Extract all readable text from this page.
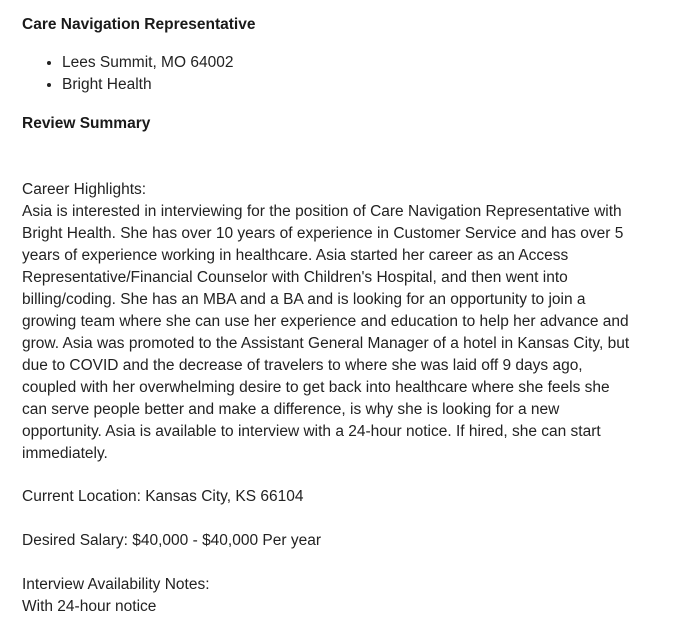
Care Navigation Representative
• Lees Summit, MO 64002
• Bright Health
Review Summary
Career Highlights:
Asia is interested in interviewing for the position of Care Navigation Representative with
Bright Health. She has over 10 years of experience in Customer Service and has over 5
years of experience working in healthcare. Asia started her career as an Access
Representative/Financial Counselor with Children's Hospital, and then went into
billing/coding. She has an MBA and a BA and is looking for an opportunity to join a
growing team where she can use her experience and education to help her advance and
grow. Asia was promoted to the Assistant General Manager of a hotel in Kansas City, but
due to COVID and the decrease of travelers to where she was laid off 9 days ago,
coupled with her overwhelming desire to get back into healthcare where she feels she
can serve people better and make a difference, is why she is looking for a new
opportunity. Asia is available to interview with a 24-hour notice. If hired, she can start
immediately.
Current Location: Kansas City, KS 66104
Desired Salary: $40,000 - $40,000 Per year
Interview Availability Notes:
With 24-hour notice
